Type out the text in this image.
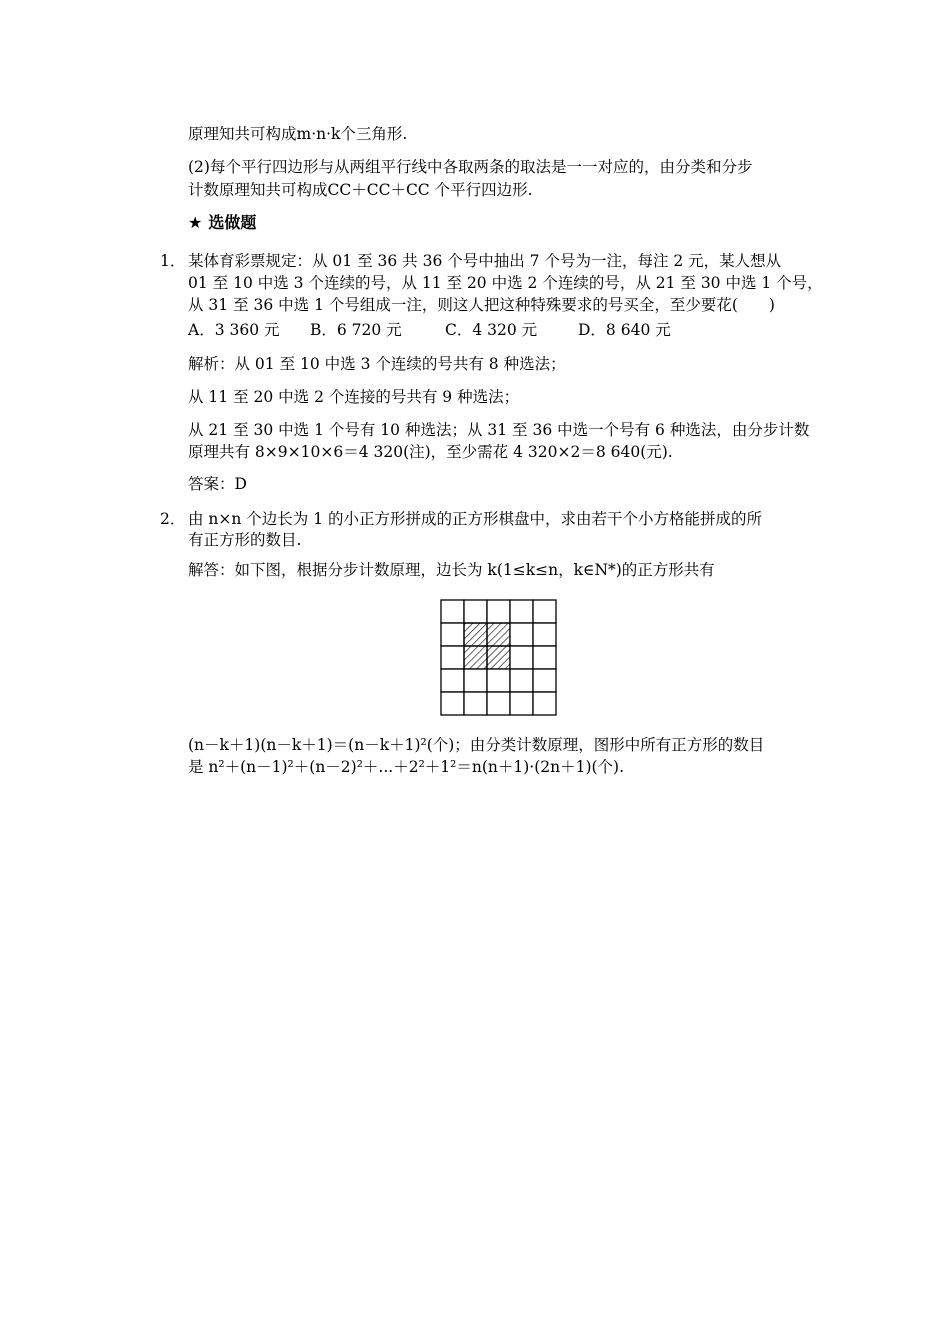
原理知共可构成m·n·k个三角形.
(2)每个平行四边形与从两组平行线中各取两条的取法是一一对应的，由分类和分步
计数原理知共可构成CC＋CC＋CC 个平行四边形.
★ 选做题
1． 某体育彩票规定：从 01 至 36 共 36 个号中抽出 7 个号为一注，每注 2 元，某人想从
01 至 10 中选 3 个连续的号，从 11 至 20 中选 2 个连续的号，从 21 至 30 中选 1 个号，
从 31 至 36 中选 1 个号组成一注，则这人把这种特殊要求的号买全，至少要花(　　)
A．3 360 元 B．6 720 元	C．4 320 元	D．8 640 元
解析：从 01 至 10 中选 3 个连续的号共有 8 种选法；
从 11 至 20 中选 2 个连接的号共有 9 种选法；
从 21 至 30 中选 1 个号有 10 种选法；从 31 至 36 中选一个号有 6 种选法，由分步计数
原理共有 8×9×10×6＝4 320(注)，至少需花 4 320×2＝8 640(元).
答案：D
2． 由 n×n 个边长为 1 的小正方形拼成的正方形棋盘中，求由若干个小方格能拼成的所
有正方形的数目.
解答：如下图，根据分步计数原理，边长为 k(1≤k≤n，k∈N*)的正方形共有
(n－k＋1)(n－k＋1)＝(n－k＋1)²(个)；由分类计数原理，图形中所有正方形的数目
是 n²＋(n－1)²＋(n－2)²＋...＋2²＋1²＝n(n＋1)·(2n＋1)(个).
